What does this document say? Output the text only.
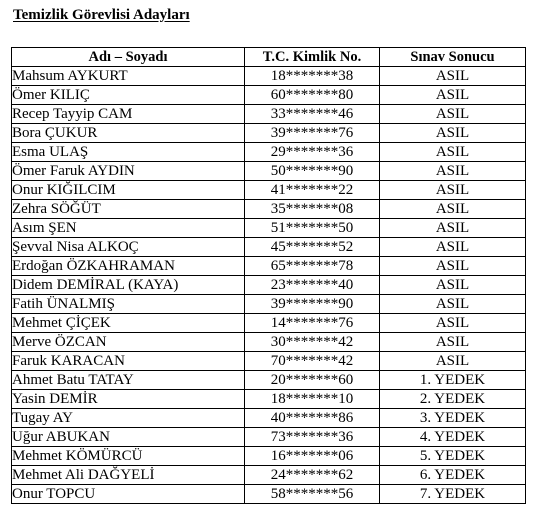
Temizlik Görevlisi Adayları
Adı – Soyadı	T.C. Kimlik No.	Sınav Sonucu
Mahsum AYKURT	18*******38	ASIL
Ömer KILIÇ	60*******80	ASIL
Recep Tayyip CAM	33*******46	ASIL
Bora ÇUKUR	39*******76	ASIL
Esma ULAŞ	29*******36	ASIL
Ömer Faruk AYDIN	50*******90	ASIL
Onur KIĞILCIM	41*******22	ASIL
Zehra SÖĞÜT	35*******08	ASIL
Asım ŞEN	51*******50	ASIL
Şevval Nisa ALKOÇ	45*******52	ASIL
Erdoğan ÖZKAHRAMAN	65*******78	ASIL
Didem DEMİRAL (KAYA)	23*******40	ASIL
Fatih ÜNALMIŞ	39*******90	ASIL
Mehmet ÇİÇEK	14*******76	ASIL
Merve ÖZCAN	30*******42	ASIL
Faruk KARACAN	70*******42	ASIL
Ahmet Batu TATAY	20*******60	1. YEDEK
Yasin DEMİR	18*******10	2. YEDEK
Tugay AY	40*******86	3. YEDEK
Uğur ABUKAN	73*******36	4. YEDEK
Mehmet KÖMÜRCÜ	16*******06	5. YEDEK
Mehmet Ali DAĞYELİ	24*******62	6. YEDEK
Onur TOPCU	58*******56	7. YEDEK
